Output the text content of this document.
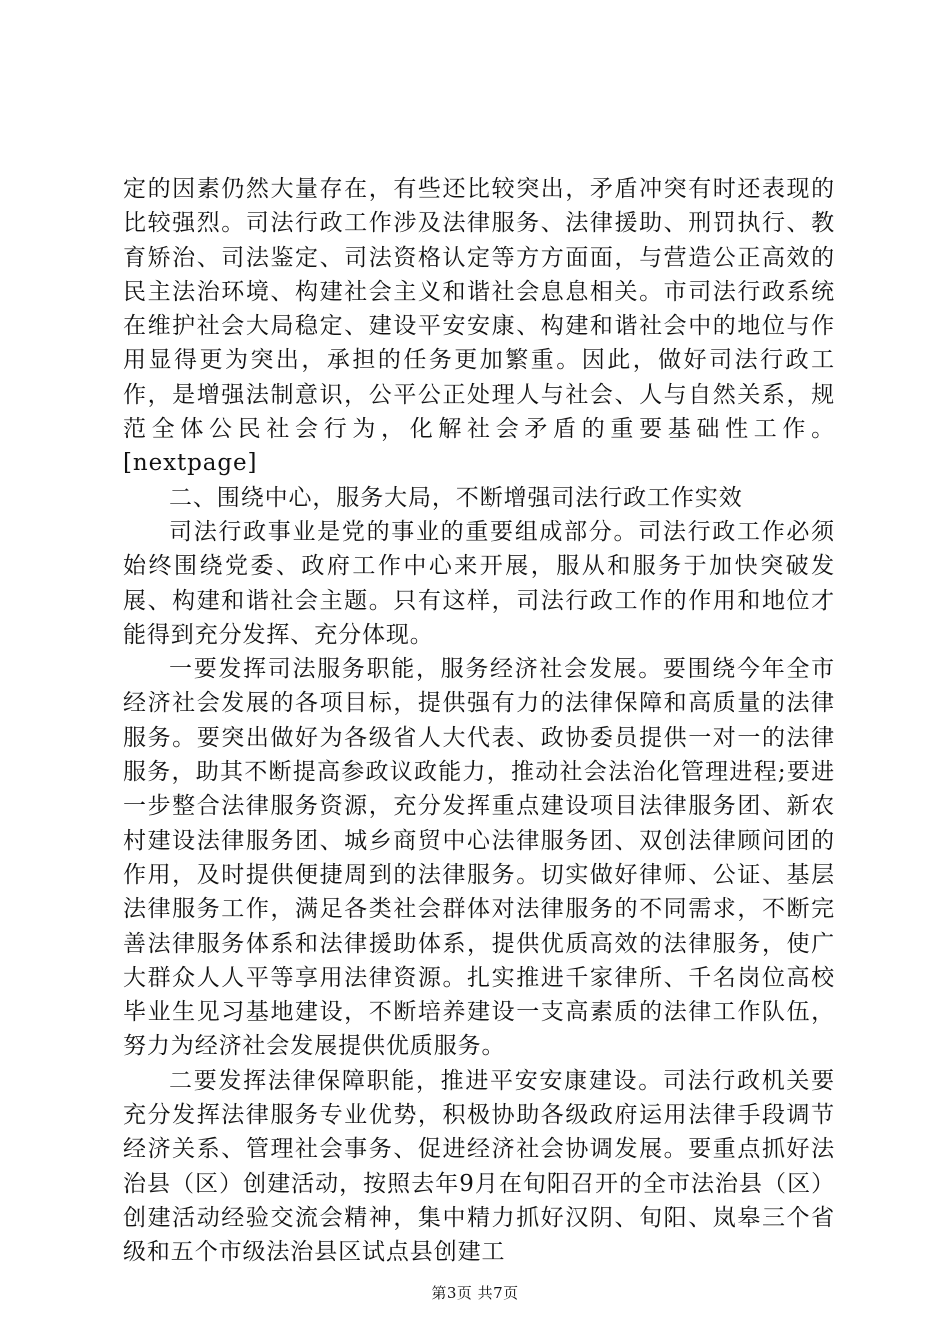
定的因素仍然大量存在，有些还比较突出，矛盾冲突有时还表现的比较强烈。司法行政工作涉及法律服务、法律援助、刑罚执行、教育矫治、司法鉴定、司法资格认定等方方面面，与营造公正高效的民主法治环境、构建社会主义和谐社会息息相关。市司法行政系统在维护社会大局稳定、建设平安安康、构建和谐社会中的地位与作用显得更为突出，承担的任务更加繁重。因此，做好司法行政工作，是增强法制意识，公平公正处理人与社会、人与自然关系，规范全体公民社会行为，化解社会矛盾的重要基础性工作。[nextpage]

二、围绕中心，服务大局，不断增强司法行政工作实效

司法行政事业是党的事业的重要组成部分。司法行政工作必须始终围绕党委、政府工作中心来开展，服从和服务于加快突破发展、构建和谐社会主题。只有这样，司法行政工作的作用和地位才能得到充分发挥、充分体现。

一要发挥司法服务职能，服务经济社会发展。要围绕今年全市经济社会发展的各项目标，提供强有力的法律保障和高质量的法律服务。要突出做好为各级省人大代表、政协委员提供一对一的法律服务，助其不断提高参政议政能力，推动社会法治化管理进程;要进一步整合法律服务资源，充分发挥重点建设项目法律服务团、新农村建设法律服务团、城乡商贸中心法律服务团、双创法律顾问团的作用，及时提供便捷周到的法律服务。切实做好律师、公证、基层法律服务工作，满足各类社会群体对法律服务的不同需求，不断完善法律服务体系和法律援助体系，提供优质高效的法律服务，使广大群众人人平等享用法律资源。扎实推进千家律所、千名岗位高校毕业生见习基地建设，不断培养建设一支高素质的法律工作队伍，努力为经济社会发展提供优质服务。

二要发挥法律保障职能，推进平安安康建设。司法行政机关要充分发挥法律服务专业优势，积极协助各级政府运用法律手段调节经济关系、管理社会事务、促进经济社会协调发展。要重点抓好法治县（区）创建活动，按照去年9月在旬阳召开的全市法治县（区）创建活动经验交流会精神，集中精力抓好汉阴、旬阳、岚皋三个省级和五个市级法治县区试点县创建工

第3页 共7页
